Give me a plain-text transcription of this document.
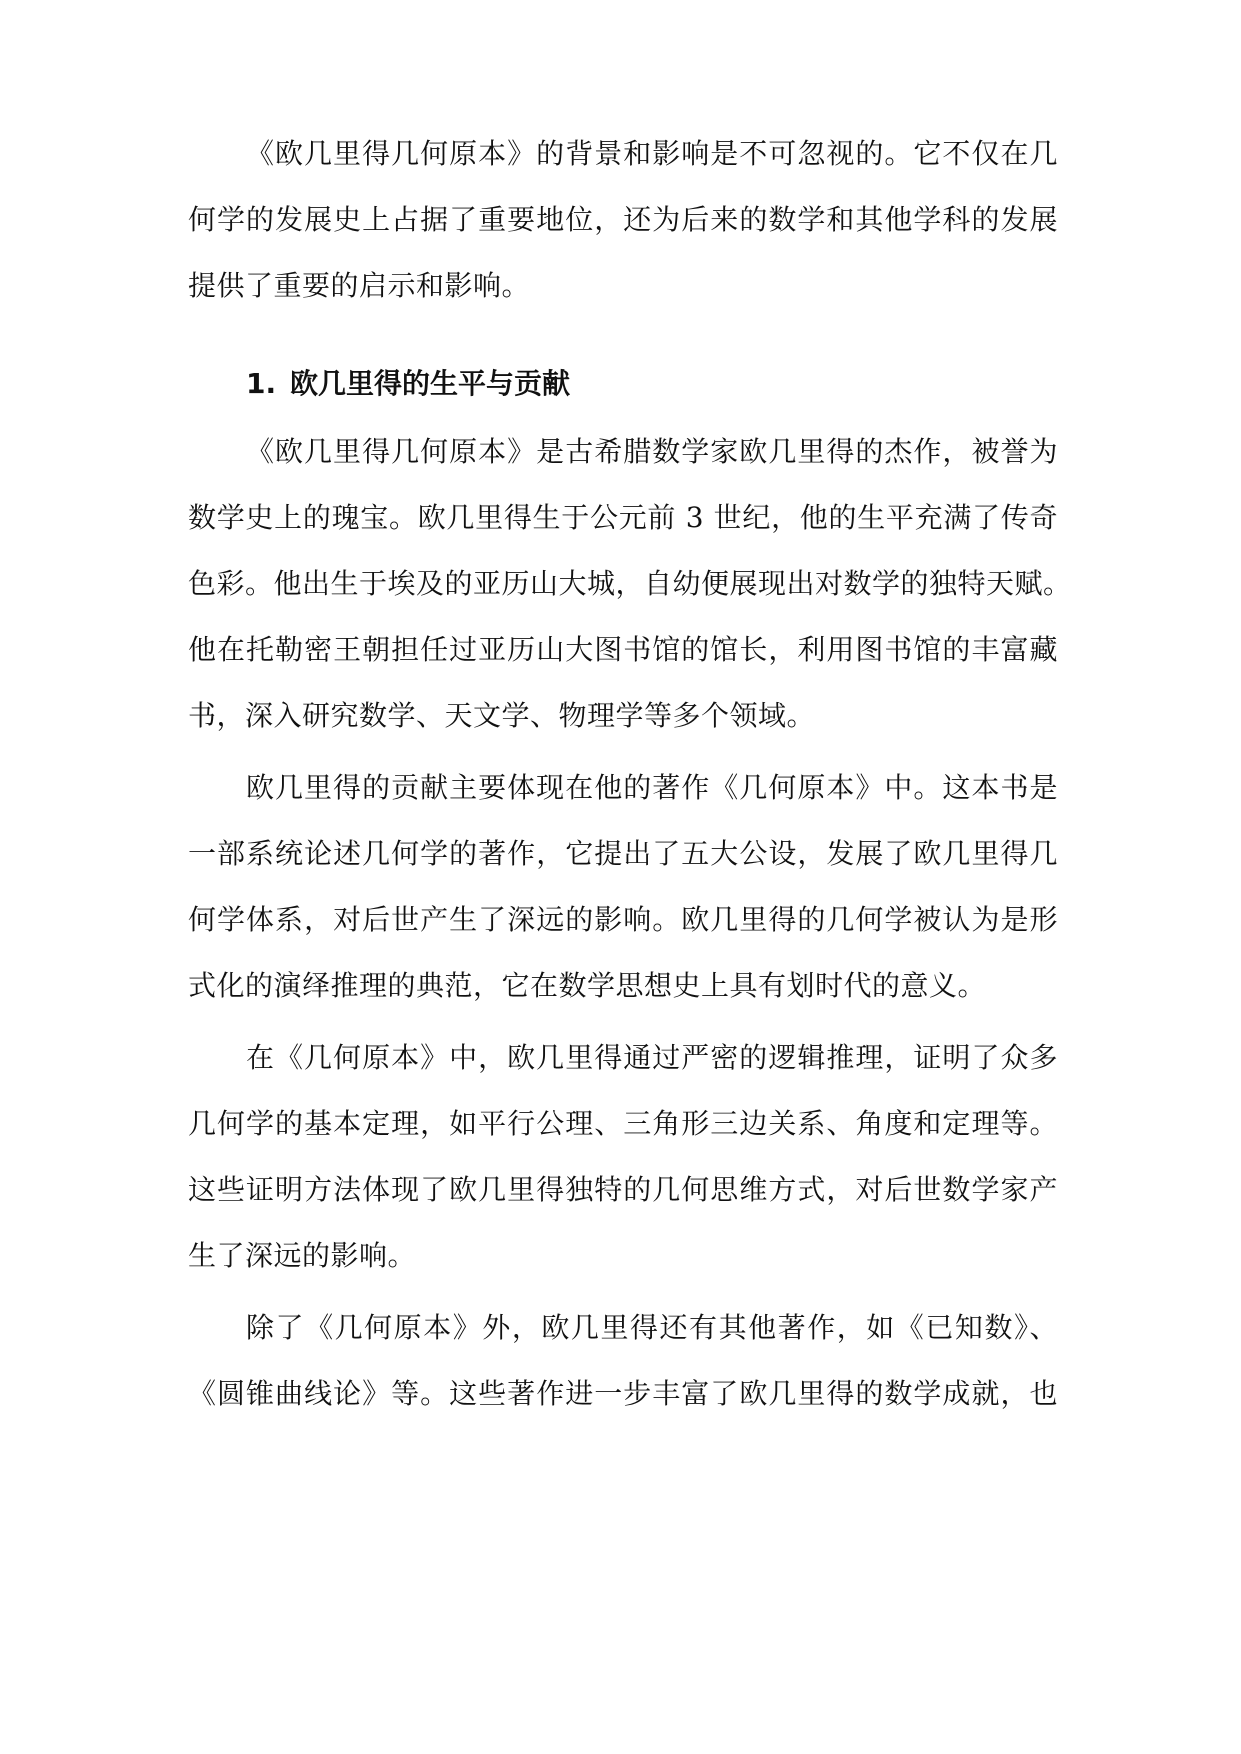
《欧几里得几何原本》的背景和影响是不可忽视的。它不仅在几
何学的发展史上占据了重要地位，还为后来的数学和其他学科的发展
提供了重要的启示和影响。
1. 欧几里得的生平与贡献
《欧几里得几何原本》是古希腊数学家欧几里得的杰作，被誉为
数学史上的瑰宝。欧几里得生于公元前 3 世纪，他的生平充满了传奇
色彩。他出生于埃及的亚历山大城，自幼便展现出对数学的独特天赋。
他在托勒密王朝担任过亚历山大图书馆的馆长，利用图书馆的丰富藏
书，深入研究数学、天文学、物理学等多个领域。
欧几里得的贡献主要体现在他的著作《几何原本》中。这本书是
一部系统论述几何学的著作，它提出了五大公设，发展了欧几里得几
何学体系，对后世产生了深远的影响。欧几里得的几何学被认为是形
式化的演绎推理的典范，它在数学思想史上具有划时代的意义。
在《几何原本》中，欧几里得通过严密的逻辑推理，证明了众多
几何学的基本定理，如平行公理、三角形三边关系、角度和定理等。
这些证明方法体现了欧几里得独特的几何思维方式，对后世数学家产
生了深远的影响。
除了《几何原本》外，欧几里得还有其他著作，如《已知数》、
《圆锥曲线论》等。这些著作进一步丰富了欧几里得的数学成就，也
